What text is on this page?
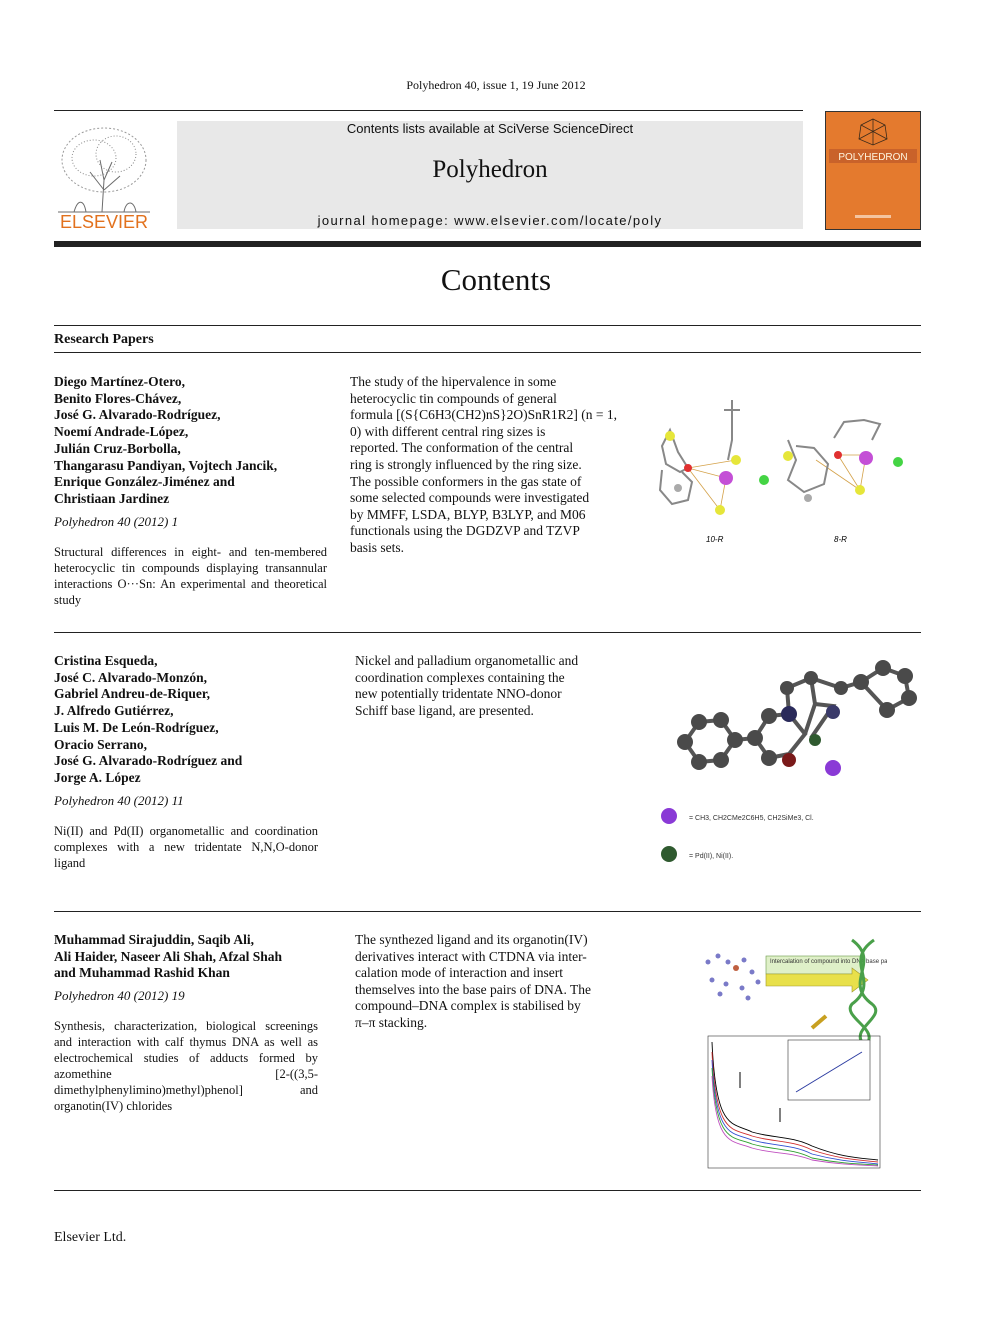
Polyhedron 40, issue 1, 19 June 2012
ELSEVIER
Contents lists available at SciVerse ScienceDirect
Polyhedron
journal homepage: www.elsevier.com/locate/poly
POLYHEDRON
Contents
Research Papers
Diego Martínez-Otero,
Benito Flores-Chávez,
José G. Alvarado-Rodríguez,
Noemí Andrade-López,
Julián Cruz-Borbolla,
Thangarasu Pandiyan, Vojtech Jancik,
Enrique González-Jiménez and
Christiaan Jardinez
Polyhedron 40 (2012) 1
Structural differences in eight- and ten-membered heterocyclic tin compounds displaying transannular interactions O···Sn: An experimental and theoretical study
The study of the hipervalence in some
heterocyclic tin compounds of general
formula [(S{C6H3(CH2)nS}2O)SnR1R2] (n = 1,
0) with different central ring sizes is
reported. The conformation of the central
ring is strongly influenced by the ring size.
The possible conformers in the gas state of
some selected compounds were investigated
by MMFF, LSDA, BLYP, B3LYP, and M06
functionals using the DGDZVP and TZVP
basis sets.
10-R	8-R
Cristina Esqueda,
José C. Alvarado-Monzón,
Gabriel Andreu-de-Riquer,
J. Alfredo Gutiérrez,
Luis M. De León-Rodríguez,
Oracio Serrano,
José G. Alvarado-Rodríguez and
Jorge A. López
Polyhedron 40 (2012) 11
Ni(II) and Pd(II) organometallic and coordination complexes with a new tridentate N,N,O-donor ligand
Nickel and palladium organometallic and
coordination complexes containing the
new potentially tridentate NNO-donor
Schiff base ligand, are presented.
= CH3, CH2CMe2C6H5, CH2SiMe3, Cl.
= Pd(II), Ni(II).
Muhammad Sirajuddin, Saqib Ali,
Ali Haider, Naseer Ali Shah, Afzal Shah
and Muhammad Rashid Khan
Polyhedron 40 (2012) 19
Synthesis, characterization, biological screenings and interaction with calf thymus DNA as well as electrochemical studies of adducts formed by azomethine [2-((3,5-dimethylphenylimino)methyl)phenol] and organotin(IV) chlorides
The synthezed ligand and its organotin(IV)
derivatives interact with CTDNA via inter-
calation mode of interaction and insert
themselves into the base pairs of DNA. The
compound–DNA complex is stabilised by
π–π stacking.
Intercalation of compound into DNA base pair
Elsevier Ltd.
